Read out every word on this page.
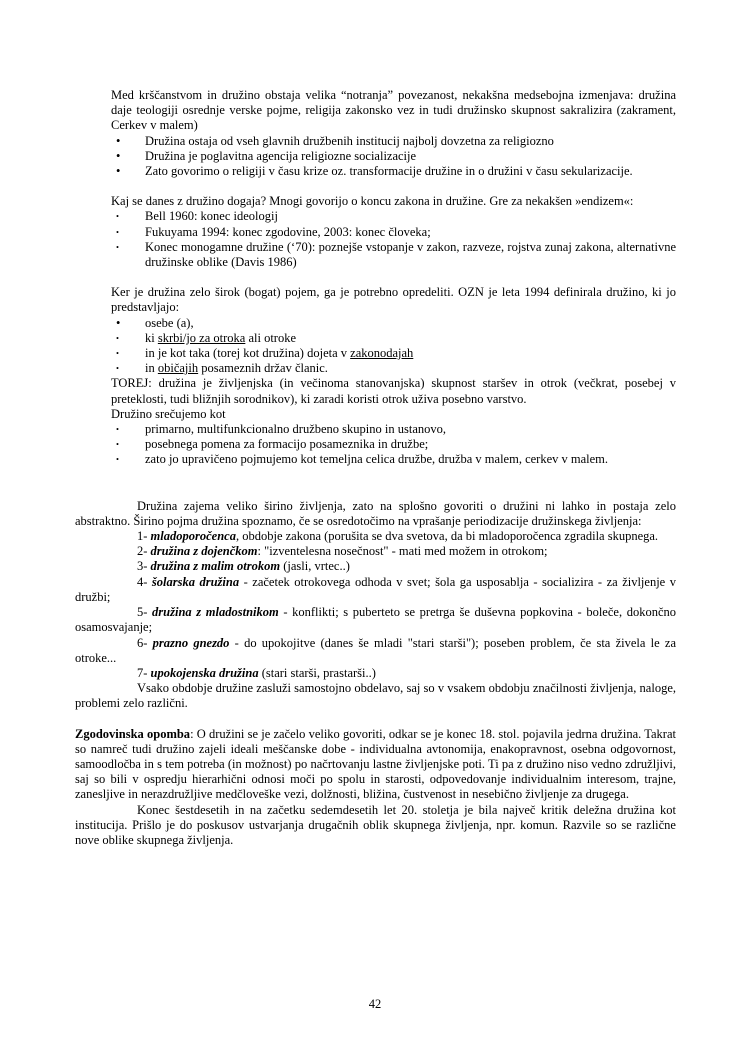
Med krščanstvom in družino obstaja velika “notranja” povezanost, nekakšna medsebojna izmenjava: družina daje teologiji osrednje verske pojme, religija zakonsko vez in tudi družinsko skupnost sakralizira (zakrament, Cerkev v malem)

•	Družina ostaja od vseh glavnih družbenih institucij najbolj dovzetna za religiozno
•	Družina je poglavitna agencija religiozne socializacije
•	Zato govorimo o religiji v času krize oz. transformacije družine in o družini v času sekularizacije.

Kaj se danes z družino dogaja? Mnogi govorijo o koncu zakona in družine. Gre za nekakšen »endizem«:

•	Bell 1960: konec ideologij
•	Fukuyama 1994: konec zgodovine, 2003: konec človeka;
•	Konec monogamne družine (‘70): poznejše vstopanje v zakon, razveze, rojstva zunaj zakona, alternativne družinske oblike (Davis 1986)

Ker je družina zelo širok (bogat) pojem, ga je potrebno opredeliti. OZN je leta 1994 definirala družino, ki jo predstavljajo:

•	osebe (a),
•	ki skrbi/jo za otroka ali otroke
•	in je kot taka (torej kot družina) dojeta v zakonodajah
•	in običajih posameznih držav članic.

TOREJ: družina je življenjska (in večinoma stanovanjska) skupnost staršev in otrok (večkrat, posebej v preteklosti, tudi bližnjih sorodnikov), ki zaradi koristi otrok uživa posebno varstvo.

Družino srečujemo kot

•	primarno, multifunkcionalno družbeno skupino in ustanovo,
•	posebnega pomena za formacijo posameznika in družbe;
•	zato jo upravičeno pojmujemo kot temeljna celica družbe, družba v malem, cerkev v malem.

Družina zajema veliko širino življenja, zato na splošno govoriti o družini ni lahko in postaja zelo abstraktno. Širino pojma družina spoznamo, če se osredotočimo na vprašanje periodizacije družinskega življenja:

1- mladoporočenca, obdobje zakona (porušita se dva svetova, da bi mladoporočenca zgradila skupnega.

2- družina z dojenčkom: "izventelesna nosečnost" - mati med možem in otrokom;

3- družina z malim otrokom (jasli, vrtec..)

4- šolarska družina - začetek otrokovega odhoda v svet; šola ga usposablja - socializira - za življenje v družbi;

5- družina z mladostnikom - konflikti; s puberteto se pretrga še duševna popkovina - boleče, dokončno osamosvajanje;

6- prazno gnezdo - do upokojitve (danes še mladi "stari starši"); poseben problem, če sta živela le za otroke...

7- upokojenska družina (stari starši, prastarši..)

Vsako obdobje družine zasluži samostojno obdelavo, saj so v vsakem obdobju značilnosti življenja, naloge, problemi zelo različni.

Zgodovinska opomba: O družini se je začelo veliko govoriti, odkar se je konec 18. stol. pojavila jedrna družina. Takrat so namreč tudi družino zajeli ideali meščanske dobe - individualna avtonomija, enakopravnost, osebna odgovornost, samoodločba in s tem potreba (in možnost) po načrtovanju lastne življenjske poti. Ti pa z družino niso vedno združljivi, saj so bili v ospredju hierarhični odnosi moči po spolu in starosti, odpovedovanje individualnim interesom, trajne, zanesljive in nerazdružljive medčloveške vezi, dolžnosti, bližina, čustvenost in nesebično življenje za drugega.

Konec šestdesetih in na začetku sedemdesetih let 20. stoletja je bila največ kritik deležna družina kot institucija. Prišlo je do poskusov ustvarjanja drugačnih oblik skupnega življenja, npr. komun. Razvile so se različne nove oblike skupnega življenja.

42
